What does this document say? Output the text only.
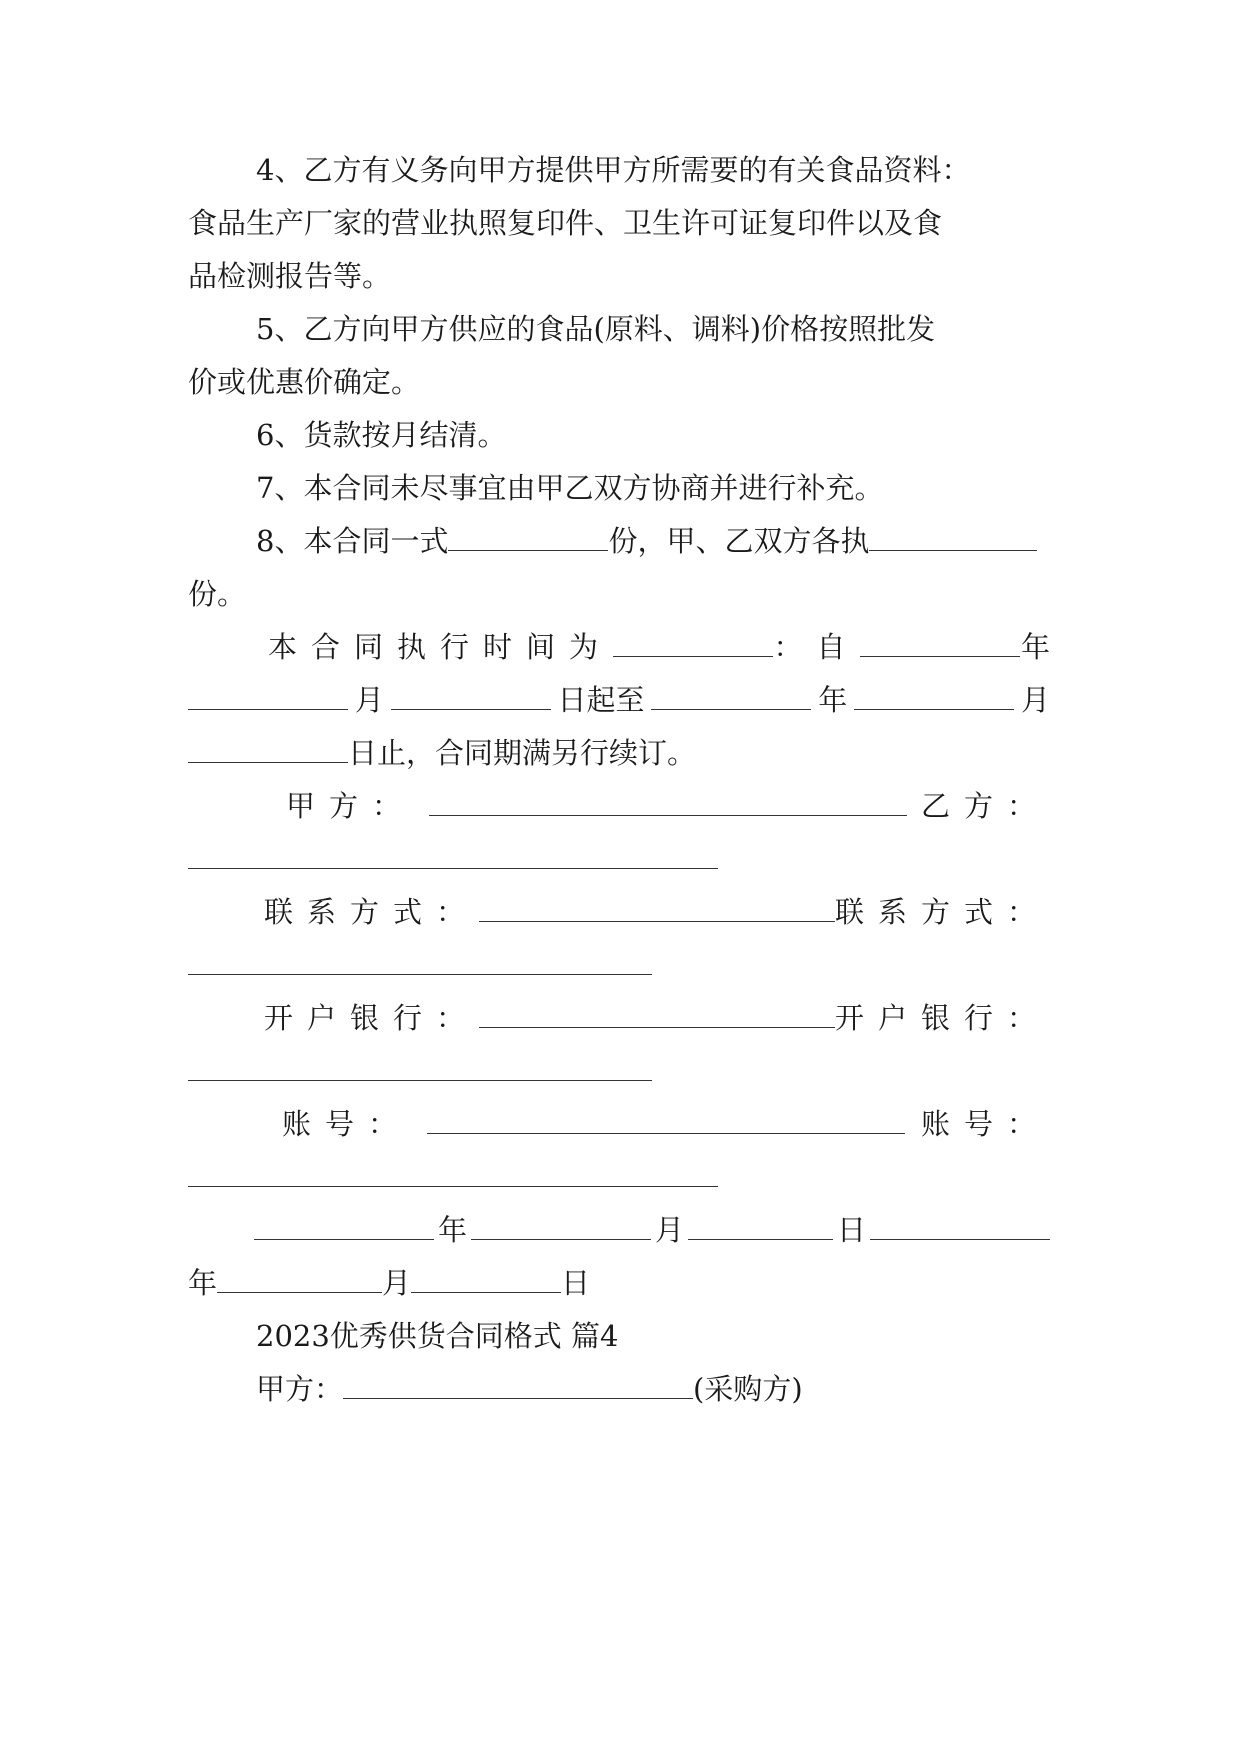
4、乙方有义务向甲方提供甲方所需要的有关食品资料：
食品生产厂家的营业执照复印件、卫生许可证复印件以及食
品检测报告等。
5、乙方向甲方供应的食品(原料、调料)价格按照批发
价或优惠价确定。
6、货款按月结清。
7、本合同未尽事宜由甲乙双方协商并进行补充。
8、本合同一式	份，甲、乙双方各执
份。
本合同执行时间为	：自	年
月	日起至	年	月
日止，合同期满另行续订。
甲方：	乙方：
联系方式：	联系方式：
开户银行：	开户银行：
账号：	账号：
年	月	日
年	月	日
2023优秀供货合同格式 篇4
甲方：	(采购方)
